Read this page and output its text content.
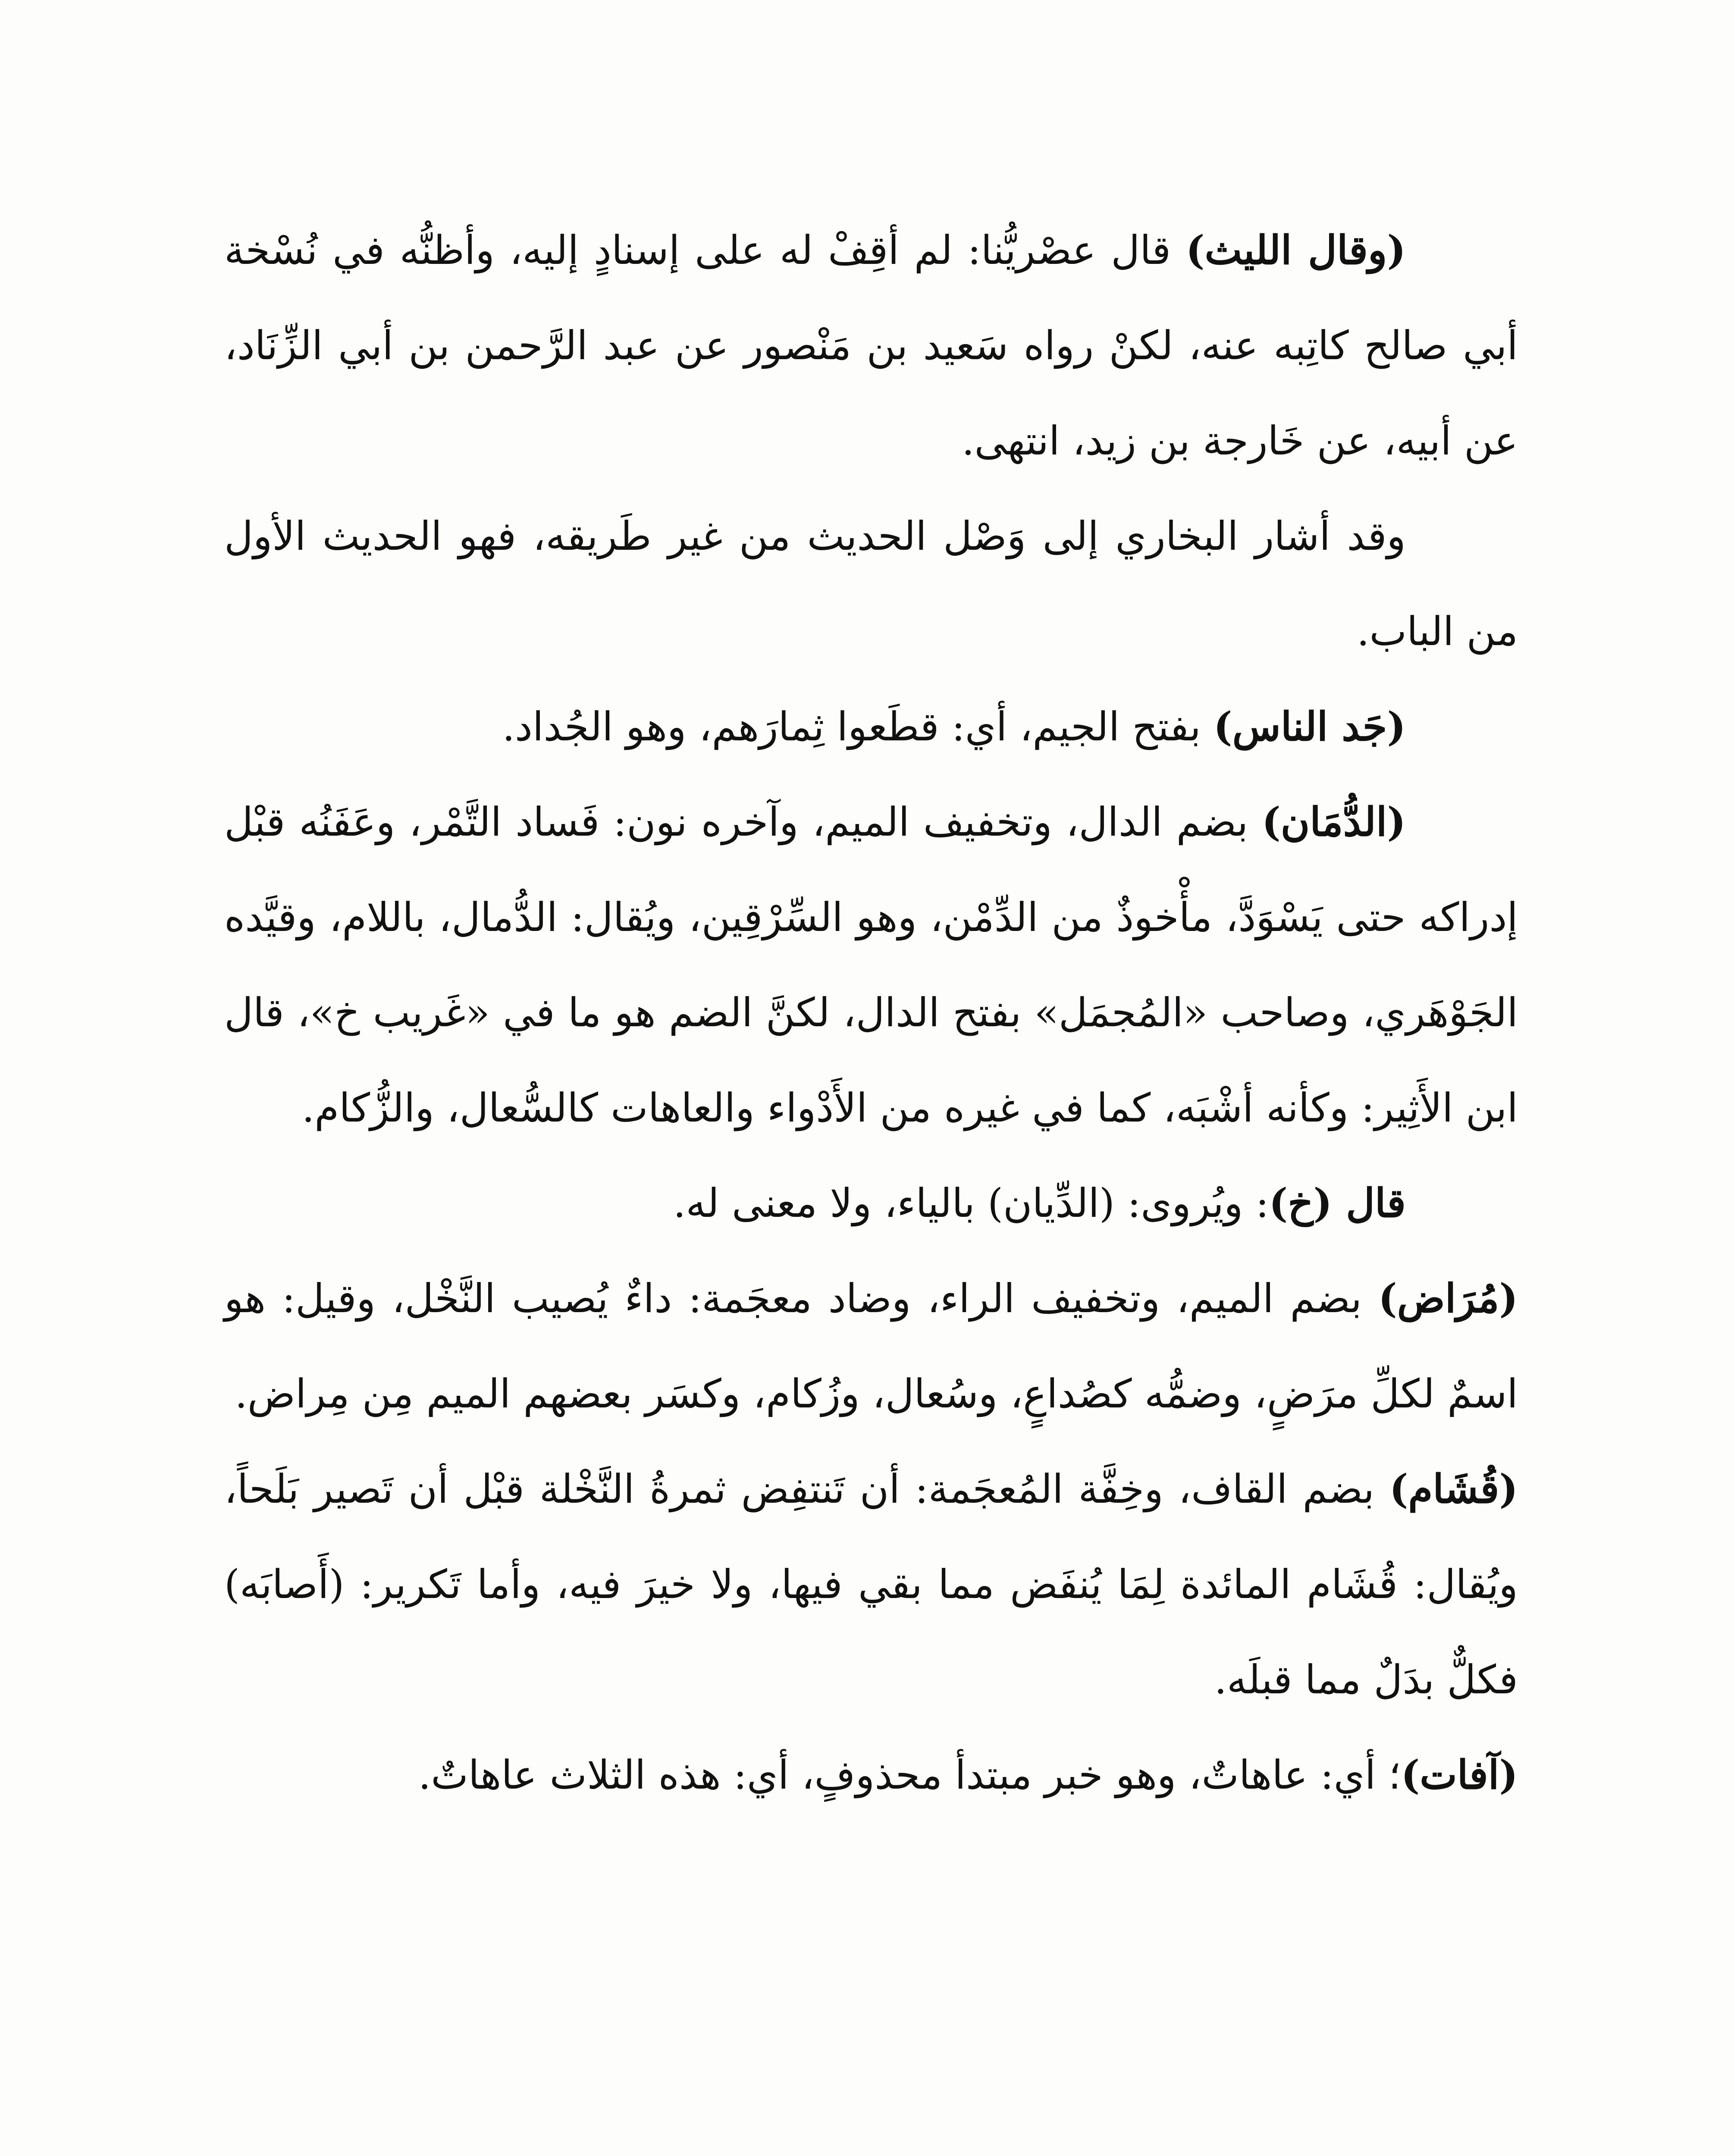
(وقال الليث) قال عصْريُّنا: لم أقِفْ له على إسنادٍ إليه، وأظنُّه في نُسْخة أبي صالح كاتِبه عنه، لكنْ رواه سَعيد بن مَنْصور عن عبد الرَّحمن بن أبي الزِّنَاد، عن أبيه، عن خَارجة بن زيد، انتهى.

وقد أشار البخاري إلى وَصْل الحديث من غير طَريقه، فهو الحديث الأول من الباب.

(جَد الناس) بفتح الجيم، أي: قطَعوا ثِمارَهم، وهو الجُداد.

(الدُّمَان) بضم الدال، وتخفيف الميم، وآخره نون: فَساد التَّمْر، وعَفَنُه قبْل إدراكه حتى يَسْوَدَّ، مأْخوذٌ من الدِّمْن، وهو السِّرْقِين، ويُقال: الدُّمال، باللام، وقيَّده الجَوْهَري، وصاحب «المُجمَل» بفتح الدال، لكنَّ الضم هو ما في «غَريب خ»، قال ابن الأَثِير: وكأنه أشْبَه، كما في غيره من الأَدْواء والعاهات كالسُّعال، والزُّكام.

قال (خ): ويُروى: (الدِّيان) بالياء، ولا معنى له.

(مُرَاض) بضم الميم، وتخفيف الراء، وضاد معجَمة: داءٌ يُصيب النَّخْل، وقيل: هو اسمٌ لكلِّ مرَضٍ، وضمُّه كصُداعٍ، وسُعال، وزُكام، وكسَر بعضهم الميم مِن مِراض.

(قُشَام) بضم القاف، وخِفَّة المُعجَمة: أن تَنتفِض ثمرةُ النَّخْلة قبْل أن تَصير بَلَحاً، ويُقال: قُشَام المائدة لِمَا يُنفَض مما بقي فيها، ولا خيرَ فيه، وأما تَكرير: (أَصابَه) فكلٌّ بدَلٌ مما قبلَه.

(آفات)؛ أي: عاهاتٌ، وهو خبر مبتدأ محذوفٍ، أي: هذه الثلاث عاهاتٌ.
